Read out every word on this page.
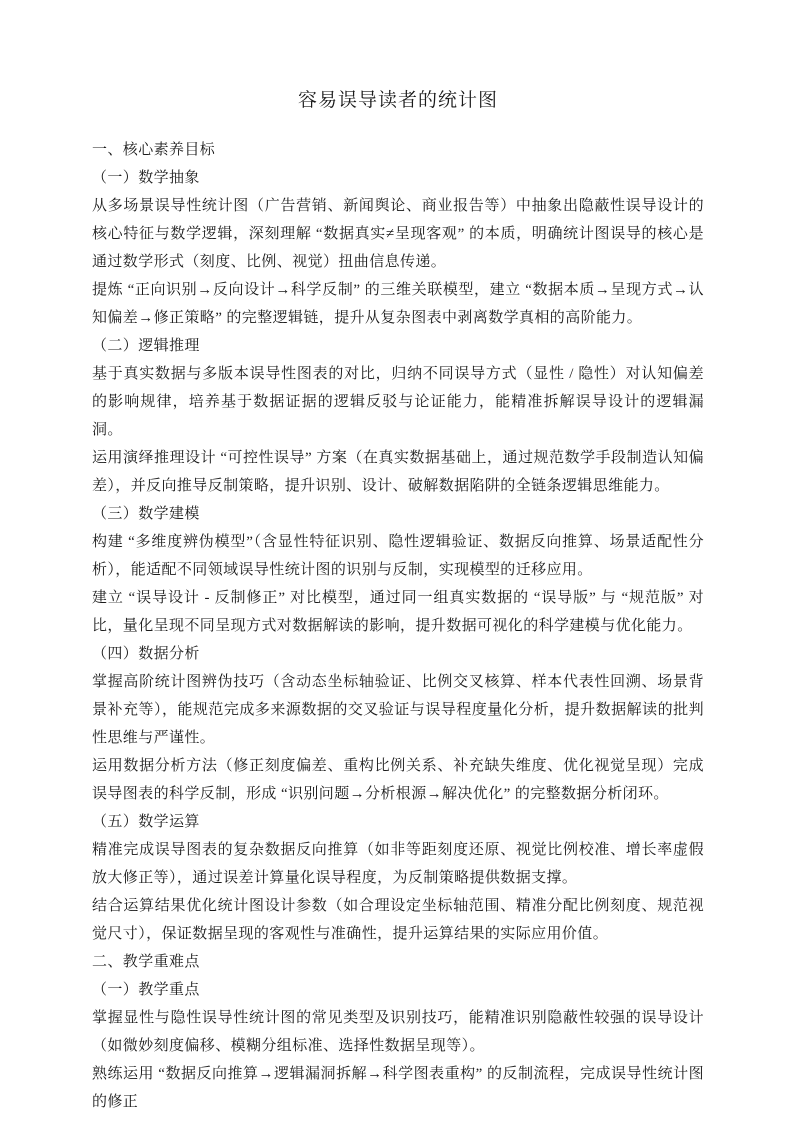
容易误导读者的统计图

一、核心素养目标

（一）数学抽象

从多场景误导性统计图（广告营销、新闻舆论、商业报告等）中抽象出隐蔽性误导设计的核心特征与数学逻辑，深刻理解 “数据真实≠呈现客观” 的本质，明确统计图误导的核心是通过数学形式（刻度、比例、视觉）扭曲信息传递。

提炼 “正向识别→反向设计→科学反制” 的三维关联模型，建立 “数据本质→呈现方式→认知偏差→修正策略” 的完整逻辑链，提升从复杂图表中剥离数学真相的高阶能力。

（二）逻辑推理

基于真实数据与多版本误导性图表的对比，归纳不同误导方式（显性 / 隐性）对认知偏差的影响规律，培养基于数据证据的逻辑反驳与论证能力，能精准拆解误导设计的逻辑漏洞。

运用演绎推理设计 “可控性误导” 方案（在真实数据基础上，通过规范数学手段制造认知偏差），并反向推导反制策略，提升识别、设计、破解数据陷阱的全链条逻辑思维能力。

（三）数学建模

构建 “多维度辨伪模型”（含显性特征识别、隐性逻辑验证、数据反向推算、场景适配性分析），能适配不同领域误导性统计图的识别与反制，实现模型的迁移应用。

建立 “误导设计 - 反制修正” 对比模型，通过同一组真实数据的 “误导版” 与 “规范版” 对比，量化呈现不同呈现方式对数据解读的影响，提升数据可视化的科学建模与优化能力。

（四）数据分析

掌握高阶统计图辨伪技巧（含动态坐标轴验证、比例交叉核算、样本代表性回溯、场景背景补充等），能规范完成多来源数据的交叉验证与误导程度量化分析，提升数据解读的批判性思维与严谨性。

运用数据分析方法（修正刻度偏差、重构比例关系、补充缺失维度、优化视觉呈现）完成误导图表的科学反制，形成 “识别问题→分析根源→解决优化” 的完整数据分析闭环。

（五）数学运算

精准完成误导图表的复杂数据反向推算（如非等距刻度还原、视觉比例校准、增长率虚假放大修正等），通过误差计算量化误导程度，为反制策略提供数据支撑。

结合运算结果优化统计图设计参数（如合理设定坐标轴范围、精准分配比例刻度、规范视觉尺寸），保证数据呈现的客观性与准确性，提升运算结果的实际应用价值。

二、教学重难点

（一）教学重点

掌握显性与隐性误导性统计图的常见类型及识别技巧，能精准识别隐蔽性较强的误导设计（如微妙刻度偏移、模糊分组标准、选择性数据呈现等）。

熟练运用 “数据反向推算→逻辑漏洞拆解→科学图表重构” 的反制流程，完成误导性统计图的修正
